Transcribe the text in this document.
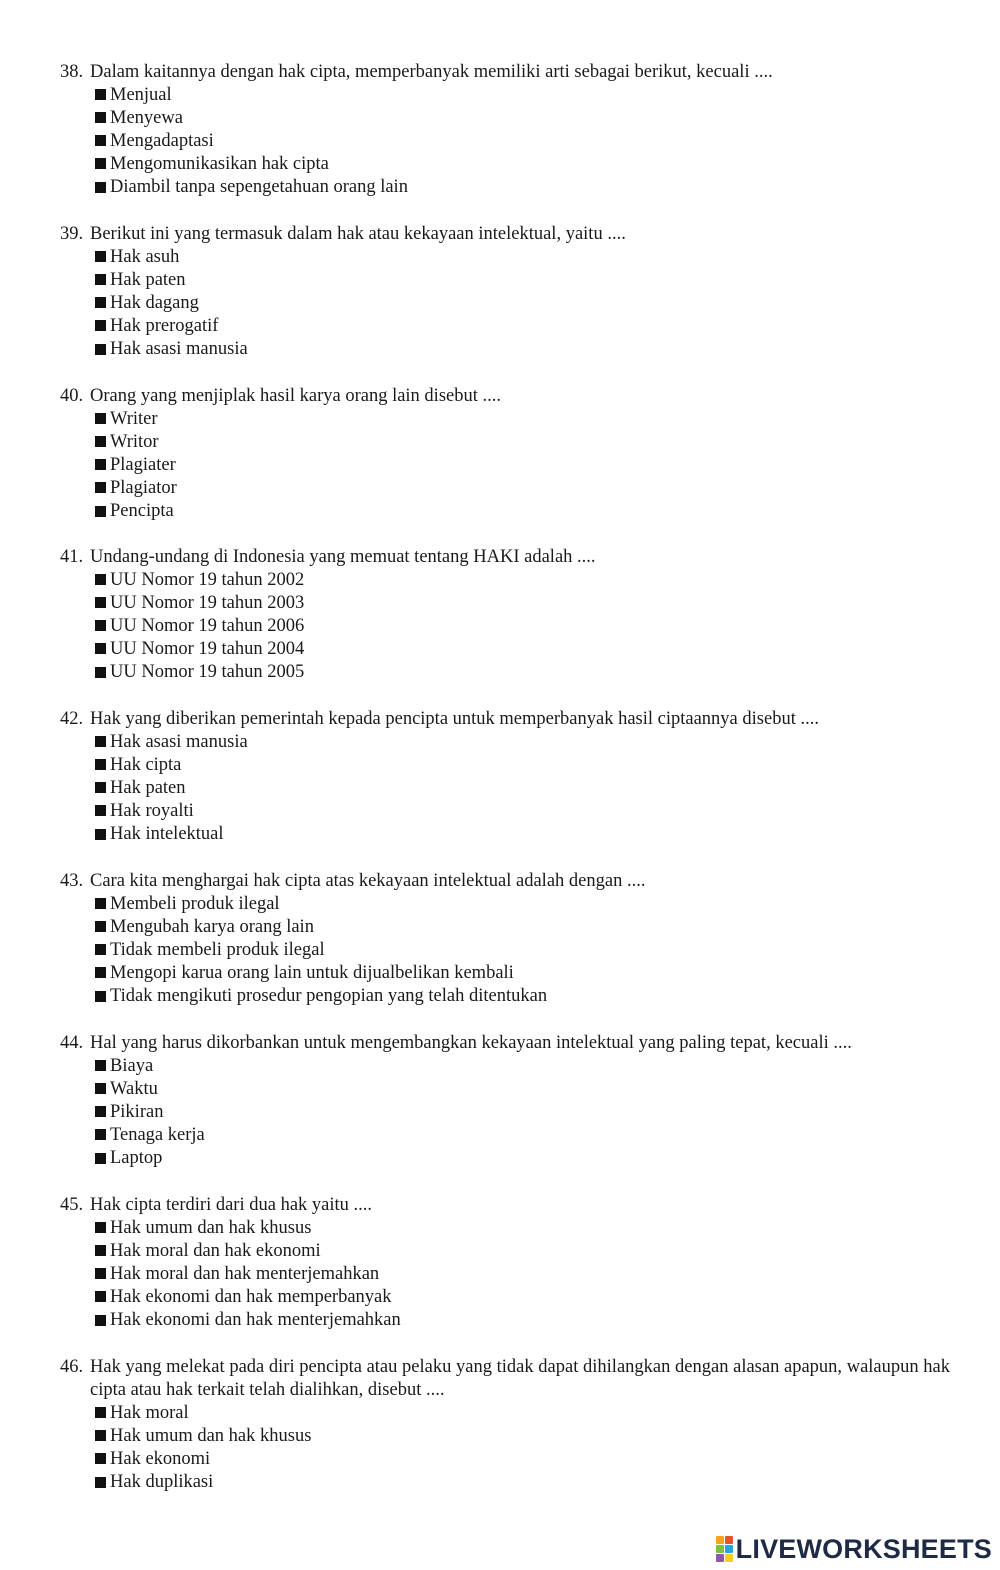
38. Dalam kaitannya dengan hak cipta, memperbanyak memiliki arti sebagai berikut, kecuali ....
Menjual
Menyewa
Mengadaptasi
Mengomunikasikan hak cipta
Diambil tanpa sepengetahuan orang lain
39. Berikut ini yang termasuk dalam hak atau kekayaan intelektual, yaitu ....
Hak asuh
Hak paten
Hak dagang
Hak prerogatif
Hak asasi manusia
40. Orang yang menjiplak hasil karya orang lain disebut ....
Writer
Writor
Plagiater
Plagiator
Pencipta
41. Undang-undang di Indonesia yang memuat tentang HAKI adalah ....
UU Nomor 19 tahun 2002
UU Nomor 19 tahun 2003
UU Nomor 19 tahun 2006
UU Nomor 19 tahun 2004
UU Nomor 19 tahun 2005
42. Hak yang diberikan pemerintah kepada pencipta untuk memperbanyak hasil ciptaannya disebut ....
Hak asasi manusia
Hak cipta
Hak paten
Hak royalti
Hak intelektual
43. Cara kita menghargai hak cipta atas kekayaan intelektual adalah dengan ....
Membeli produk ilegal
Mengubah karya orang lain
Tidak membeli produk ilegal
Mengopi karua orang lain untuk dijualbelikan kembali
Tidak mengikuti prosedur pengopian yang telah ditentukan
44. Hal yang harus dikorbankan untuk mengembangkan kekayaan intelektual yang paling tepat, kecuali ....
Biaya
Waktu
Pikiran
Tenaga kerja
Laptop
45. Hak cipta terdiri dari dua hak yaitu ....
Hak umum dan hak khusus
Hak moral dan hak ekonomi
Hak moral dan hak menterjemahkan
Hak ekonomi dan hak memperbanyak
Hak ekonomi dan hak menterjemahkan
46. Hak yang melekat pada diri pencipta atau pelaku yang tidak dapat dihilangkan dengan alasan apapun, walaupun hak cipta atau hak terkait telah dialihkan, disebut ....
Hak moral
Hak umum dan hak khusus
Hak ekonomi
Hak duplikasi
LIVEWORKSHEETS
